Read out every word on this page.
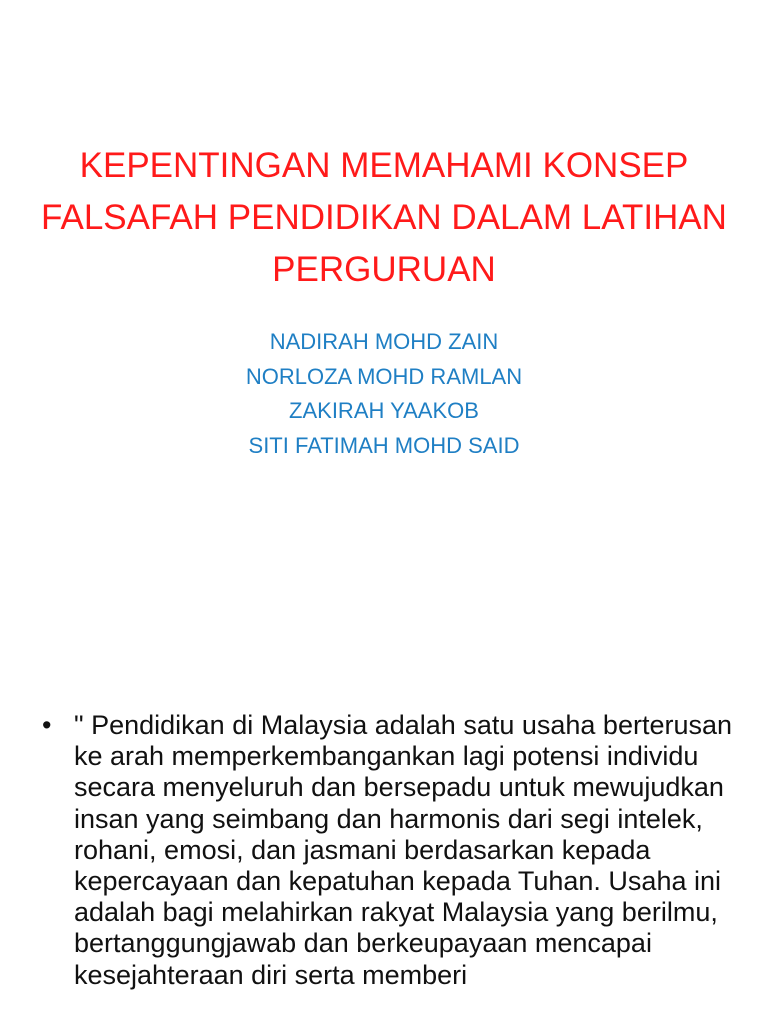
KEPENTINGAN MEMAHAMI KONSEP FALSAFAH PENDIDIKAN DALAM LATIHAN PERGURUAN
NADIRAH MOHD ZAIN
NORLOZA MOHD RAMLAN
ZAKIRAH YAAKOB
SITI FATIMAH MOHD SAID
• " Pendidikan di Malaysia adalah satu usaha berterusan ke arah memperkembangankan lagi potensi individu secara menyeluruh dan bersepadu untuk mewujudkan insan yang seimbang dan harmonis dari segi intelek, rohani, emosi, dan jasmani berdasarkan kepada kepercayaan dan kepatuhan kepada Tuhan. Usaha ini adalah bagi melahirkan rakyat Malaysia yang berilmu, bertanggungjawab dan berkeupayaan mencapai kesejahteraan diri serta memberi
